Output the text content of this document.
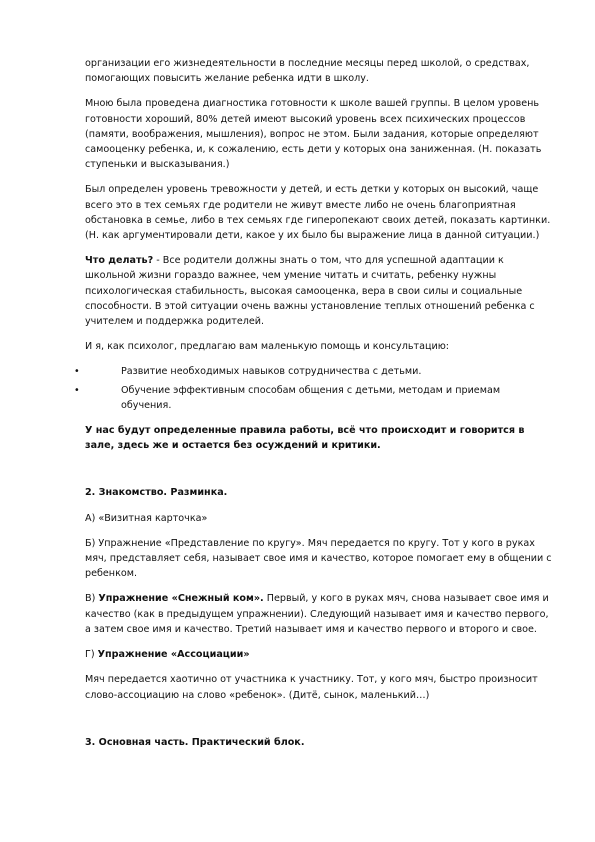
организации его жизнедеятельности в последние месяцы перед школой, о средствах, помогающих повысить желание ребенка идти в школу.

Мною была проведена диагностика готовности к школе вашей группы. В целом уровень готовности хороший, 80% детей имеют высокий уровень всех психических процессов (памяти, воображения, мышления), вопрос не этом. Были задания, которые определяют самооценку ребенка, и, к сожалению, есть дети у которых она заниженная. (Н. показать ступеньки и высказывания.)

Был определен уровень тревожности у детей, и есть детки у которых он высокий, чаще всего это в тех семьях где родители не живут вместе либо не очень благоприятная обстановка в семье, либо в тех семьях где гиперопекают своих детей, показать картинки. (Н. как аргументировали дети, какое у их было бы выражение лица в данной ситуации.)

Что делать? - Все родители должны знать о том, что для успешной адаптации к школьной жизни гораздо важнее, чем умение читать и считать, ребенку нужны психологическая стабильность, высокая самооценка, вера в свои силы и социальные способности. В этой ситуации очень важны установление теплых отношений ребенка с учителем и поддержка родителей.

И я, как психолог, предлагаю вам маленькую помощь и консультацию:

•	Развитие необходимых навыков сотрудничества с детьми.
•	Обучение эффективным способам общения с детьми, методам и приемам обучения.

У нас будут определенные правила работы, всё что происходит и говорится в зале, здесь же и остается без осуждений и критики.

2. Знакомство. Разминка.

А) «Визитная карточка»

Б) Упражнение «Представление по кругу». Мяч передается по кругу. Тот у кого в руках мяч, представляет себя, называет свое имя и качество, которое помогает ему в общении с ребенком.

В) Упражнение «Снежный ком». Первый, у кого в руках мяч, снова называет свое имя и качество (как в предыдущем упражнении). Следующий называет имя и качество первого, а затем свое имя и качество. Третий называет имя и качество первого и второго и свое.

Г) Упражнение «Ассоциации»

Мяч передается хаотично от участника к участнику. Тот, у кого мяч, быстро произносит слово-ассоциацию на слово «ребенок». (Дитё, сынок, маленький…)

3. Основная часть. Практический блок.
